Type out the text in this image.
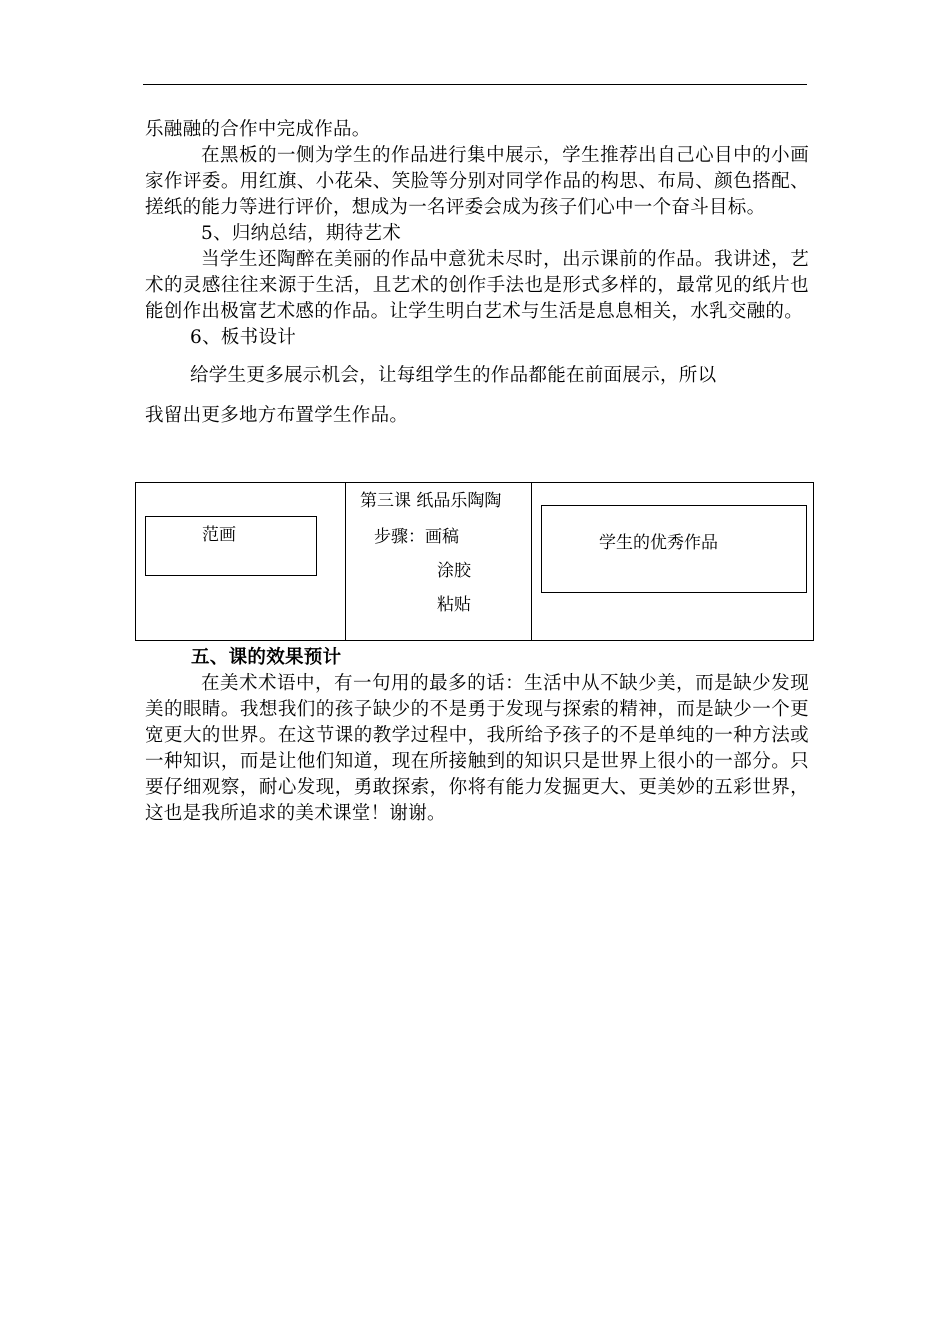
乐融融的合作中完成作品。

在黑板的一侧为学生的作品进行集中展示，学生推荐出自己心目中的小画家作评委。用红旗、小花朵、笑脸等分别对同学作品的构思、布局、颜色搭配、搓纸的能力等进行评价，想成为一名评委会成为孩子们心中一个奋斗目标。

5、归纳总结，期待艺术

当学生还陶醉在美丽的作品中意犹未尽时，出示课前的作品。我讲述，艺术的灵感往往来源于生活，且艺术的创作手法也是形式多样的，最常见的纸片也能创作出极富艺术感的作品。让学生明白艺术与生活是息息相关，水乳交融的。

6、板书设计

给学生更多展示机会，让每组学生的作品都能在前面展示，所以

我留出更多地方布置学生作品。

范画
第三课 纸品乐陶陶
步骤：画稿
涂胶
粘贴
学生的优秀作品

五、课的效果预计

在美术术语中，有一句用的最多的话：生活中从不缺少美，而是缺少发现美的眼睛。我想我们的孩子缺少的不是勇于发现与探索的精神，而是缺少一个更宽更大的世界。在这节课的教学过程中，我所给予孩子的不是单纯的一种方法或一种知识，而是让他们知道，现在所接触到的知识只是世界上很小的一部分。只要仔细观察，耐心发现，勇敢探索，你将有能力发掘更大、更美妙的五彩世界，这也是我所追求的美术课堂！谢谢。
